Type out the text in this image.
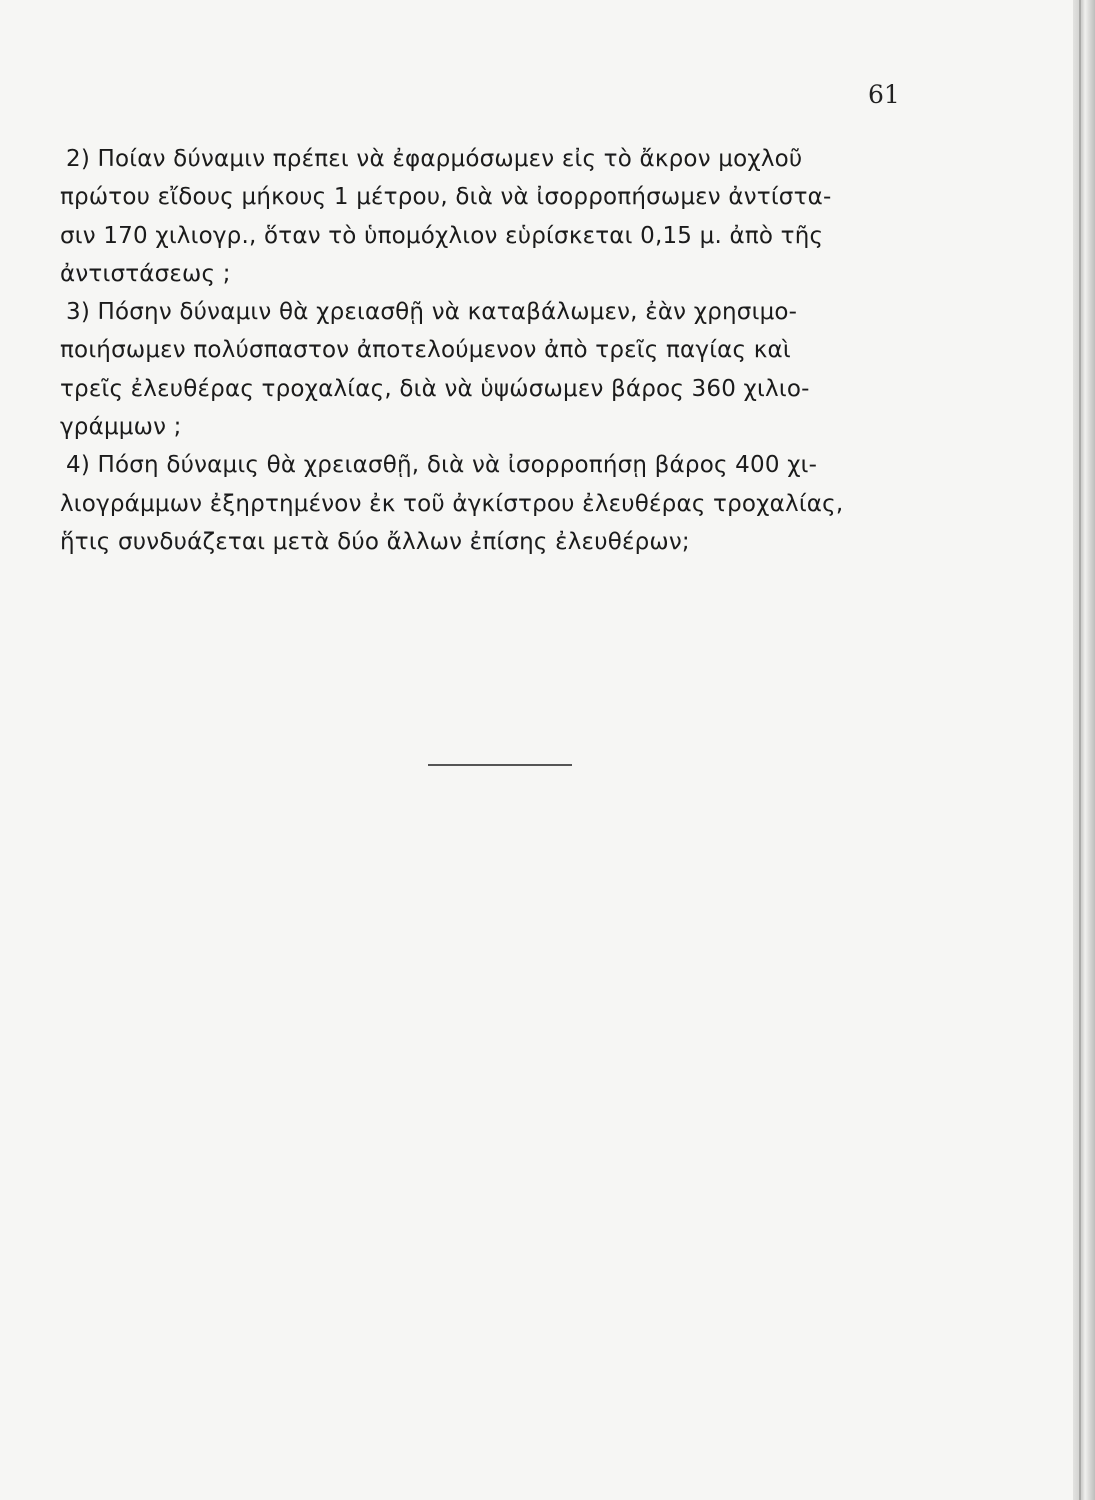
61
2) Ποίαν δύναμιν πρέπει νὰ ἐφαρμόσωμεν εἰς τὸ ἄκρον μοχλοῦ
πρώτου εἴδους μήκους 1 μέτρου, διὰ νὰ ἰσορροπήσωμεν ἀντίστα-
σιν 170 χιλιογρ., ὅταν τὸ ὑπομόχλιον εὑρίσκεται 0,15 μ. ἀπὸ τῆς
ἀντιστάσεως ;
3) Πόσην δύναμιν θὰ χρειασθῇ νὰ καταβάλωμεν, ἐὰν χρησιμο-
ποιήσωμεν πολύσπαστον ἀποτελούμενον ἀπὸ τρεῖς παγίας καὶ
τρεῖς ἐλευθέρας τροχαλίας, διὰ νὰ ὑψώσωμεν βάρος 360 χιλιο-
γράμμων ;
4) Πόση δύναμις θὰ χρειασθῇ, διὰ νὰ ἰσορροπήσῃ βάρος 400 χι-
λιογράμμων ἐξηρτημένον ἐκ τοῦ ἀγκίστρου ἐλευθέρας τροχαλίας,
ἥτις συνδυάζεται μετὰ δύο ἄλλων ἐπίσης ἐλευθέρων;
